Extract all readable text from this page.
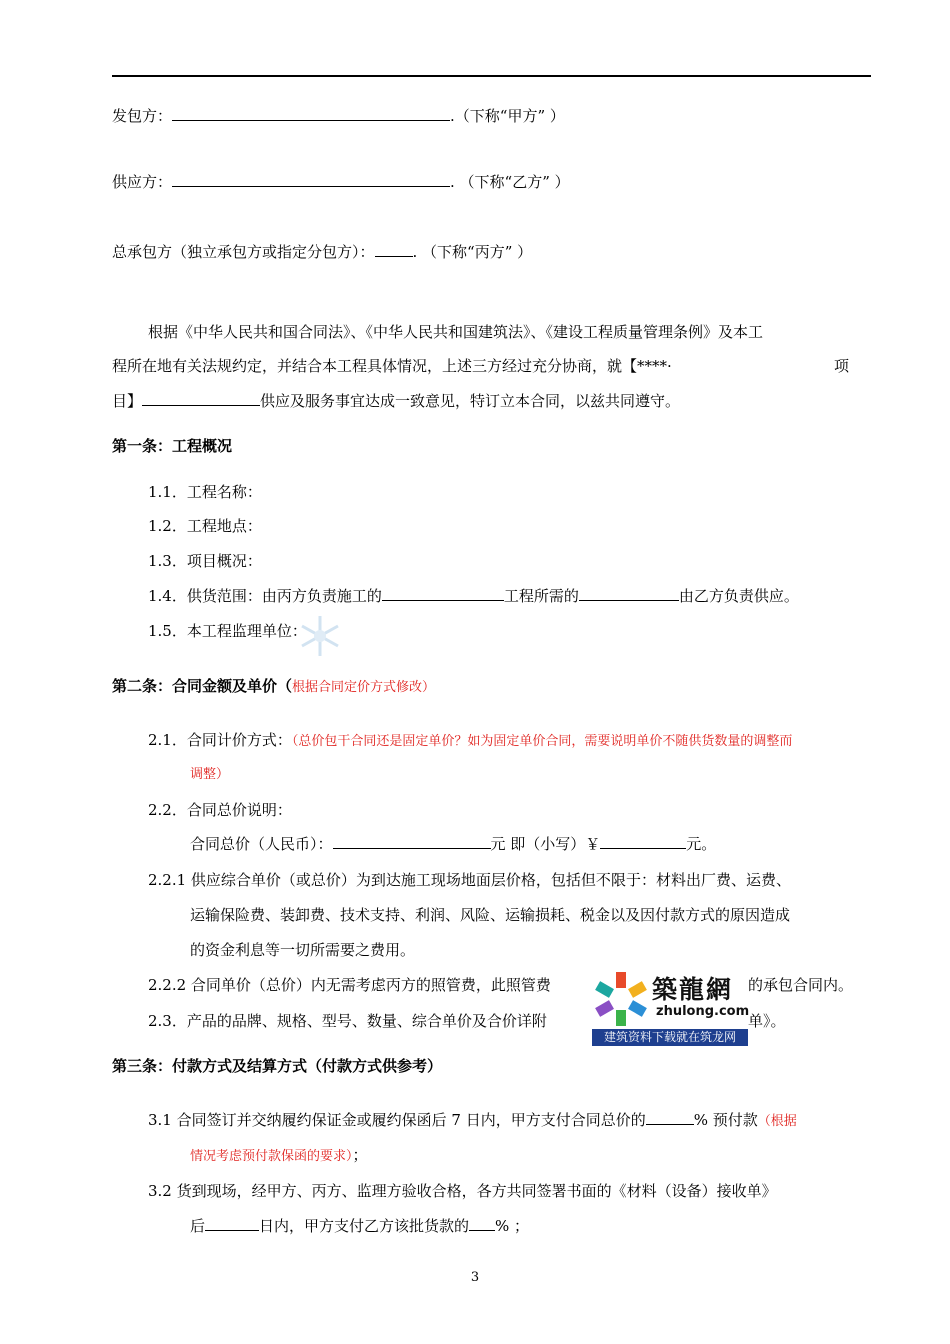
发包方：	.（下称“甲方” ）
供应方：	. （下称“乙方” ）
总承包方（独立承包方或指定分包方）：	. （下称“丙方” ）
根据《中华人民共和国合同法》、《中华人民共和国建筑法》、《建设工程质量管理条例》及本工
程所在地有关法规约定，并结合本工程具体情况，上述三方经过充分协商，就【****·	项
目】	供应及服务事宜达成一致意见，特订立本合同，以兹共同遵守。
第一条：工程概况
1.1．工程名称：
1.2．工程地点：
1.3．项目概况：
1.4．供货范围：由丙方负责施工的	工程所需的	由乙方负责供应。
1.5．本工程监理单位：
第二条：合同金额及单价（根据合同定价方式修改）
2.1．合同计价方式：（总价包干合同还是固定单价？如为固定单价合同，需要说明单价不随供货数量的调整而
调整）
2.2．合同总价说明：
合同总价（人民币）：	元 即（小写）￥	元。
2.2.1 供应综合单价（或总价）为到达施工现场地面层价格，包括但不限于：材料出厂费、运费、
运输保险费、装卸费、技术支持、利润、风险、运输损耗、税金以及因付款方式的原因造成
的资金利息等一切所需要之费用。
2.2.2 合同单价（总价）内无需考虑丙方的照管费，此照管费	的承包合同内。
2.3．产品的品牌、规格、型号、数量、综合单价及合价详附	单》。
築龍網
zhulong.com
建筑资料下载就在筑龙网
第三条：付款方式及结算方式（付款方式供参考）
3.1 合同签订并交纳履约保证金或履约保函后 7 日内，甲方支付合同总价的	% 预付款（根据
情况考虑预付款保函的要求）；
3.2 货到现场，经甲方、丙方、监理方验收合格，各方共同签署书面的《材料（设备）接收单》
后	日内，甲方支付乙方该批货款的 % ；
3
